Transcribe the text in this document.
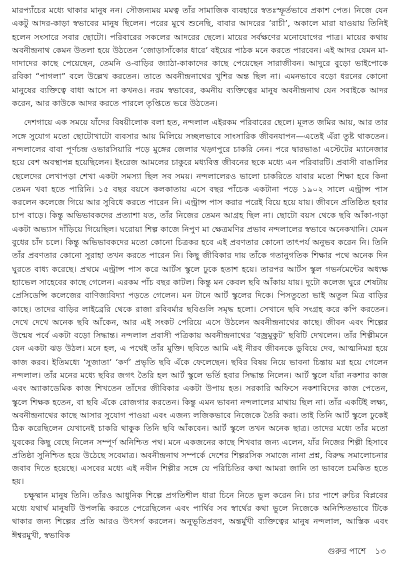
মারপ্যাঁচের মধ্যে থাকার মানুষ নন। সৌজন্যময় মমত্ব তাঁর সামাজিক ব্যবহারে স্বতঃস্ফূর্তভাবে প্রকাশ পেত। নিজে যেন একটু আদর-কাড়া স্বভাবের মানুষ ছিলেন। পরের মুখে শুনেছি, বাবার আদরের ‘রাচী’, অকালে মারা যাওয়ায় তিনিই হলেন সংসারে সবার ছোটো। পরিবারের সকলের আদরের ছেলে। মায়ের সর্বক্ষণের মনোযোগের পাত্র। মায়ের কথায় অবনীন্দ্রনাথ কেমন উতলা হয়ে উঠতেন ‘জোড়াসাঁকোর ধারে’ বইয়ের পাঠক মনে করতে পারবেন। এই আদর যেমন মা-দাদাদের কাছে পেয়েছেন, তেমনি ও-বাড়ির জ্যাঠা-কাকাদের কাছে পেয়েছেন সারাজীবন। আদুরে বুড়ো ভাইপোকে রবিকা “পাগলা” বলে উল্লেখ করতেন। তাতে অবনীন্দ্রনাথের খুশির অন্ত ছিল না। এমনভাবে বড়ো ধরনের কোনো মানুষের ব্যক্তিত্বে বাধা আসে না কখনও। নরম স্বভাবের, কমনীয় ব্যক্তিত্বের মানুষ অবনীন্দ্রনাথ যেন সবাইকে আদর করেন, আর কাউকে আদর করতে পারলে তৃপ্তিতে ভরে উঠতেন।

দেশগায়ে এক সময়ে যাঁদের বিষয়ীলোক বলা হত, নন্দলাল এইরকম পরিবারের ছেলে। মূলত জমির আয়, আর তার সঙ্গে সুযোগ মতো ছোটোখাটো ব্যবসার আয় মিলিয়ে সচ্ছলভাবে সাংসারিক জীবনযাপন—এতেই এঁরা তুষ্ট থাকতেন। নন্দলালের বাবা পূর্ণচন্দ্র ওভারসিয়ারি পড়ে মুঙ্গের জেলার খড়্গপুরে চাকরি নেন। পরে দ্বারভাঙা এস্টেটের ম্যানেজার হয়ে বেশ অবস্থাপন্ন হয়েছিলেন। ইংরেজ আমলের চাকুরে মধ্যবিত্ত জীবনের ছকে মধ্যে এন পরিবারটি। প্রবাসী বাঙালির ছেলেদের লেখাপড়া শেখা একটা সমস্যা ছিল সব সময়। নন্দলালেরও ভালো চাকরিতে যাবার মতো শিক্ষা হবে কিনা তেমন খবা হতে পারিনি। ১৫ বছর বয়সে কলকাতায় এসে বছর পাঁচেক একটানা পড়ে ১৯০২ সালে এন্ট্রান্স পাস করলেন কলেজে গিয়ে আর সুবিধে করতে পারেন নি। এন্ট্রান্স পাস করার পরেই বিয়ে হয়ে যায়। জীবনে প্রতিষ্ঠিত হবার চাপ বাড়ে। কিন্তু অভিভাবকদের প্রত্যাশা যত, তাঁর নিজের তেমন আগ্রহ ছিল না। ছোটো বয়স থেকে ছবি আঁকা-গড়া একটা অভ্যাস দাঁড়িয়ে গিয়েছিল। ঘরোয়া শিল্প কাজে নিপুণ মা ক্ষেত্রমণির প্রভাব নন্দলালের স্বভাবে অনেকখানি। যেমন বুধের চাঁদ চলে। কিন্তু অভিভাবকদের মতো কোনো চিত্রকর হবে এই প্রবণতার কোনো তাৎপর্য অনুভব করেন নি। তিনি তাঁর প্রবণতার কোনো সুরাহা তখন করতে পারেন নি। কিছু জীবিকার দায় তাঁকে গতানুগতিক শিক্ষার পথে অনেক দিন ঘুরতে বাধ্য করেছে। প্রথমে এন্ট্রান্স পাস করে আর্টস স্কুলে ঢুকে হতাশ হয়ে। তারপর আর্টস স্কুল গভর্নমেন্টের অধ্যক্ষ হ্যাভেল সাহেবের কাছে গেলেন। এরকম পাঁচ বছর কাটল। কিন্তু মন কেবল ছবি আঁকায় যায়। দুটো কলেজ ঘুরে শেষটায় প্রেসিডেন্সি কলেজের বাণিজ্যবিদ্যা পড়তে গেলেন। মন টানে আর্ট স্কুলের দিকে। পিসতুতো ভাই অতুল মিত্র বাড়ির কাছে। তাদের বাড়ির লাইব্রেরি থেকে রাজা রবিবর্মার ছবিগুলি সমৃদ্ধ হলো। সেখানে ছবি সংগ্রহ করে কপি করতেন। দেখে দেখে অনেক ছবি আঁকেন, আর এই সংকট পেরিয়ে এসে উঠলেন অবনীন্দ্রনাথের কাছে। জীবন এবং শিল্পের উন্মেষ পর্বে একটা বড়ো সিদ্ধান্ত। নন্দলাল প্রবাসী পত্রিকায় অবনীন্দ্রনাথের ‘বজ্রমুকুট’ ছবিটি দেখলেন। তাঁর শিল্পীমনে যেন একটা ঝড় উঠল। মনে হল, এ পথেই তাঁর মুক্তি। ছবিতে আমি এই নীরব জীবনকে ডুবিয়ে দেব, আত্মনিমগ্ন হয়ে কাজ করব। ইতিমধ্যে ‘সুজাতা’ ‘কর্ণ’ প্রভৃতি ছবি এঁকে ফেলেছেন। ছবির বিষয় নিয়ে ভাবনা চিন্তায় মগ্ন হয়ে গেলেন নন্দলাল। তাঁর মনের মধ্যে ছবির জগৎ তৈরি হল আর্ট স্কুলে ভর্তি হবার সিদ্ধান্ত নিলেন। আর্ট স্কুলে যাঁরা নকশার কাজ এবং অ্যাকাডেমিক কাজ শিখতেন তাঁদের জীবিকার একটা উপায় হত। সরকারি অফিসে নকশাবিদের কাজ পেতেন, স্কুলে শিক্ষক হতেন, বা ছবি এঁকে রোজগার করতেন। কিন্তু এমন ভাবনা নন্দলালের মাথায় ছিল না। তাঁর একটিই লক্ষ্য, অবনীন্দ্রনাথের কাছে আসার সুযোগ পাওয়া এবং এজন্য লজিকভাবে নিজেকে তৈরি করা। তাই তিনি আর্ট স্কুলে ঢুকেই ঠিক করেছিলেন যেখানেই চাকরি থাকুক তিনি ছবি আঁকবেন। আর্ট স্কুলে তখন অনেক ছাত্র। তাদের মধ্যে তাঁর মতো যুবকের কিছু বেছে নিলেন সম্পূর্ণ অনিশ্চিত পথ। মনে একজনের কাছে শিখবার জন্য এলেন, যাঁর নিজের শিল্পী হিসাবে প্রতিষ্ঠা সুনিশ্চিত হয়ে উঠেছে সবেমাত্র। অবনীন্দ্রনাথ সম্পর্কে দেশের শিল্পরসিক সমাজে নানা প্রশ্ন, বিরুদ্ধ সমালোচনার জবাব দিতে হয়েছে। এসবের মধ্যে এই নবীন শিল্পীর সঙ্গে যে পরিচিতির কথা আমরা জানি তা ভাবলে চমকিত হতে হয়।

চক্ষুষ্মান মানুষ তিনি। তাঁরও আধুনিক শিল্পে প্রগতিশীল ধারা চিনে নিতে ভুল করেন নি। চার পাশে রুচির বিপ্লবের মধ্যে যথার্থ মানুষটি উপলব্ধি করতে পেরেছিলেন এবং পার্থিব সব স্বার্থের কথা ভুলে নিজেকে অনিশ্চিতভাবে টিকে থাকার জন্য শিল্পের প্রতি আরও উৎসর্গ করলেন। অনুভূতিপ্রবণ, অন্তর্মুখী ব্যক্তিত্বের মানুষ নন্দলাল, আস্তিক এবং ঈশ্বরমুখী, স্বভাবিক

গুরুর পাশে ১৩
